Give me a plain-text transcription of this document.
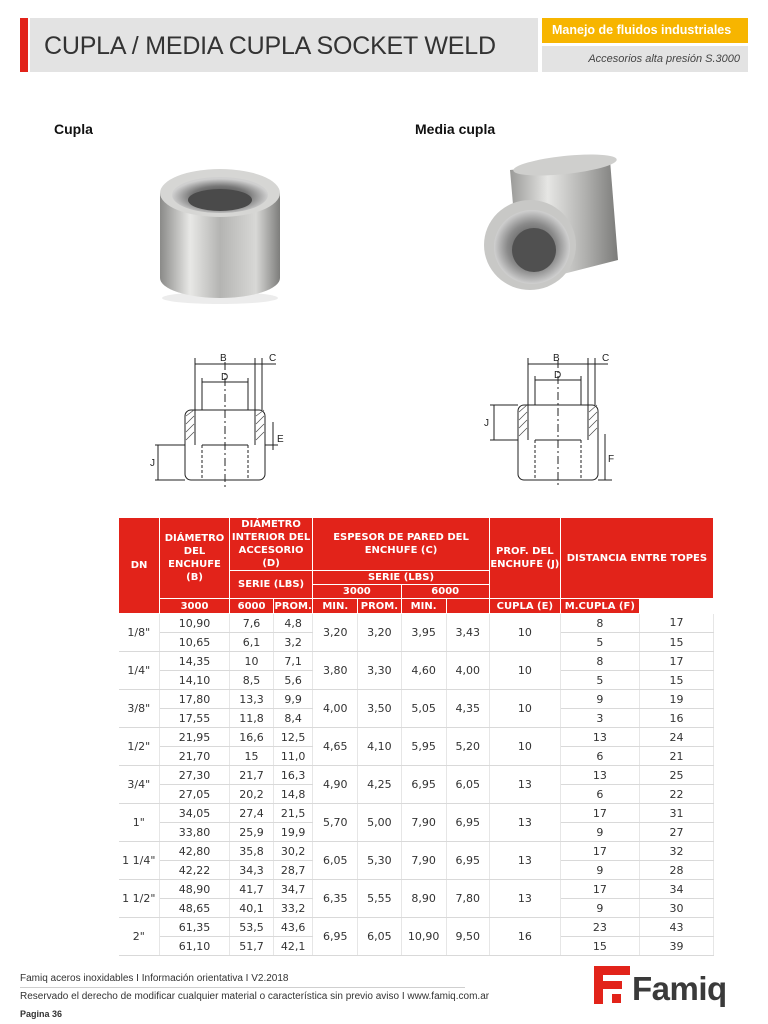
CUPLA / MEDIA CUPLA SOCKET WELD
Manejo de fluidos industriales
Accesorios alta presión S.3000
Cupla	Media cupla
B
D
C
E
J
B
D
C
J
F
DN	DIÁMETRO DEL ENCHUFE (B)	DIÁMETRO INTERIOR DEL ACCESORIO (D)		ESPESOR DE PARED DEL ENCHUFE (C)				PROF. DEL ENCHUFE (J)	DISTANCIA ENTRE TOPES	
		SERIE (LBS)		SERIE (LBS)						
				3000		6000				
	3000	6000	PROM.	MIN.	PROM.	MIN.		CUPLA (E)	M.CUPLA (F)	
1/8"	10,90	7,6	4,8	3,20	3,20	3,95	3,43	10	8	17
	10,65	6,1	3,2						5	15
1/4"	14,35	10	7,1	3,80	3,30	4,60	4,00	10	8	17
	14,10	8,5	5,6						5	15
3/8"	17,80	13,3	9,9	4,00	3,50	5,05	4,35	10	9	19
	17,55	11,8	8,4						3	16
1/2"	21,95	16,6	12,5	4,65	4,10	5,95	5,20	10	13	24
	21,70	15	11,0						6	21
3/4"	27,30	21,7	16,3	4,90	4,25	6,95	6,05	13	13	25
	27,05	20,2	14,8						6	22
1"	34,05	27,4	21,5	5,70	5,00	7,90	6,95	13	17	31
	33,80	25,9	19,9						9	27
1 1/4"	42,80	35,8	30,2	6,05	5,30	7,90	6,95	13	17	32
	42,22	34,3	28,7						9	28
1 1/2"	48,90	41,7	34,7	6,35	5,55	8,90	7,80	13	17	34
	48,65	40,1	33,2						9	30
2"	61,35	53,5	43,6	6,95	6,05	10,90	9,50	16	23	43
	61,10	51,7	42,1						15	39
Famiq aceros inoxidables I Información orientativa I V2.2018
Reservado el derecho de modificar cualquier material o característica sin previo aviso I www.famiq.com.ar
Pagina 36
Famiq
